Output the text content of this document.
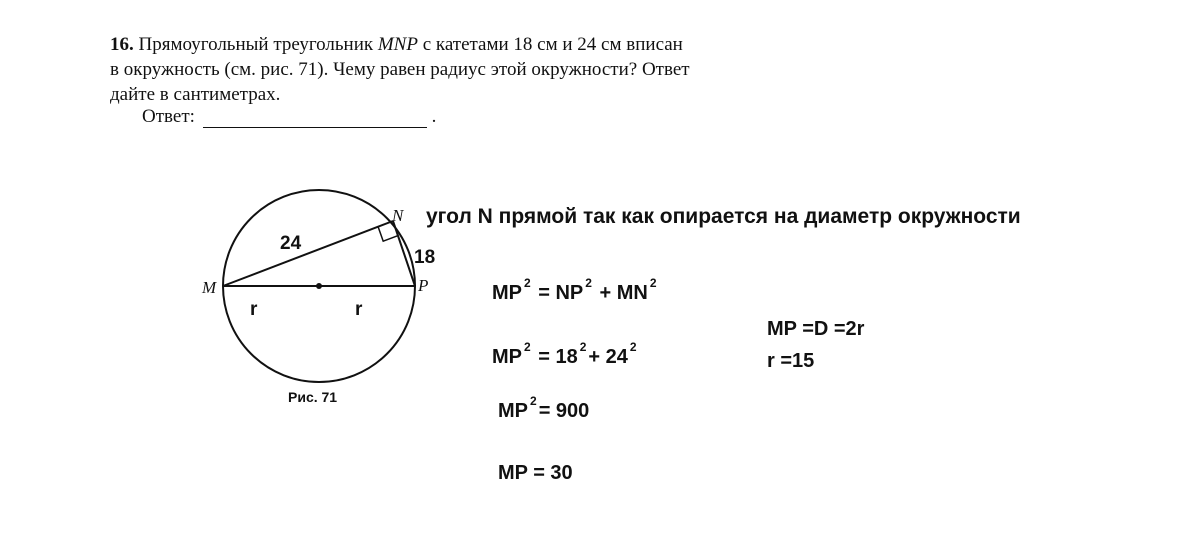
16. Прямоугольный треугольник MNP с катетами 18 см и 24 см вписан
в окружность (см. рис. 71). Чему равен радиус этой окружности? Ответ
дайте в сантиметрах.
Ответ:	.
M
N
P
24
18
r	r
Рис. 71
угол N прямой так как опирается на диаметр окружности
MP $^2$ = NP $^2$ + MN $^2$
MP $^2$ = 18 $^2$ + 24 $^2$
MP $^2$ = 900
MP = 30
MP =D =2r
r =15
